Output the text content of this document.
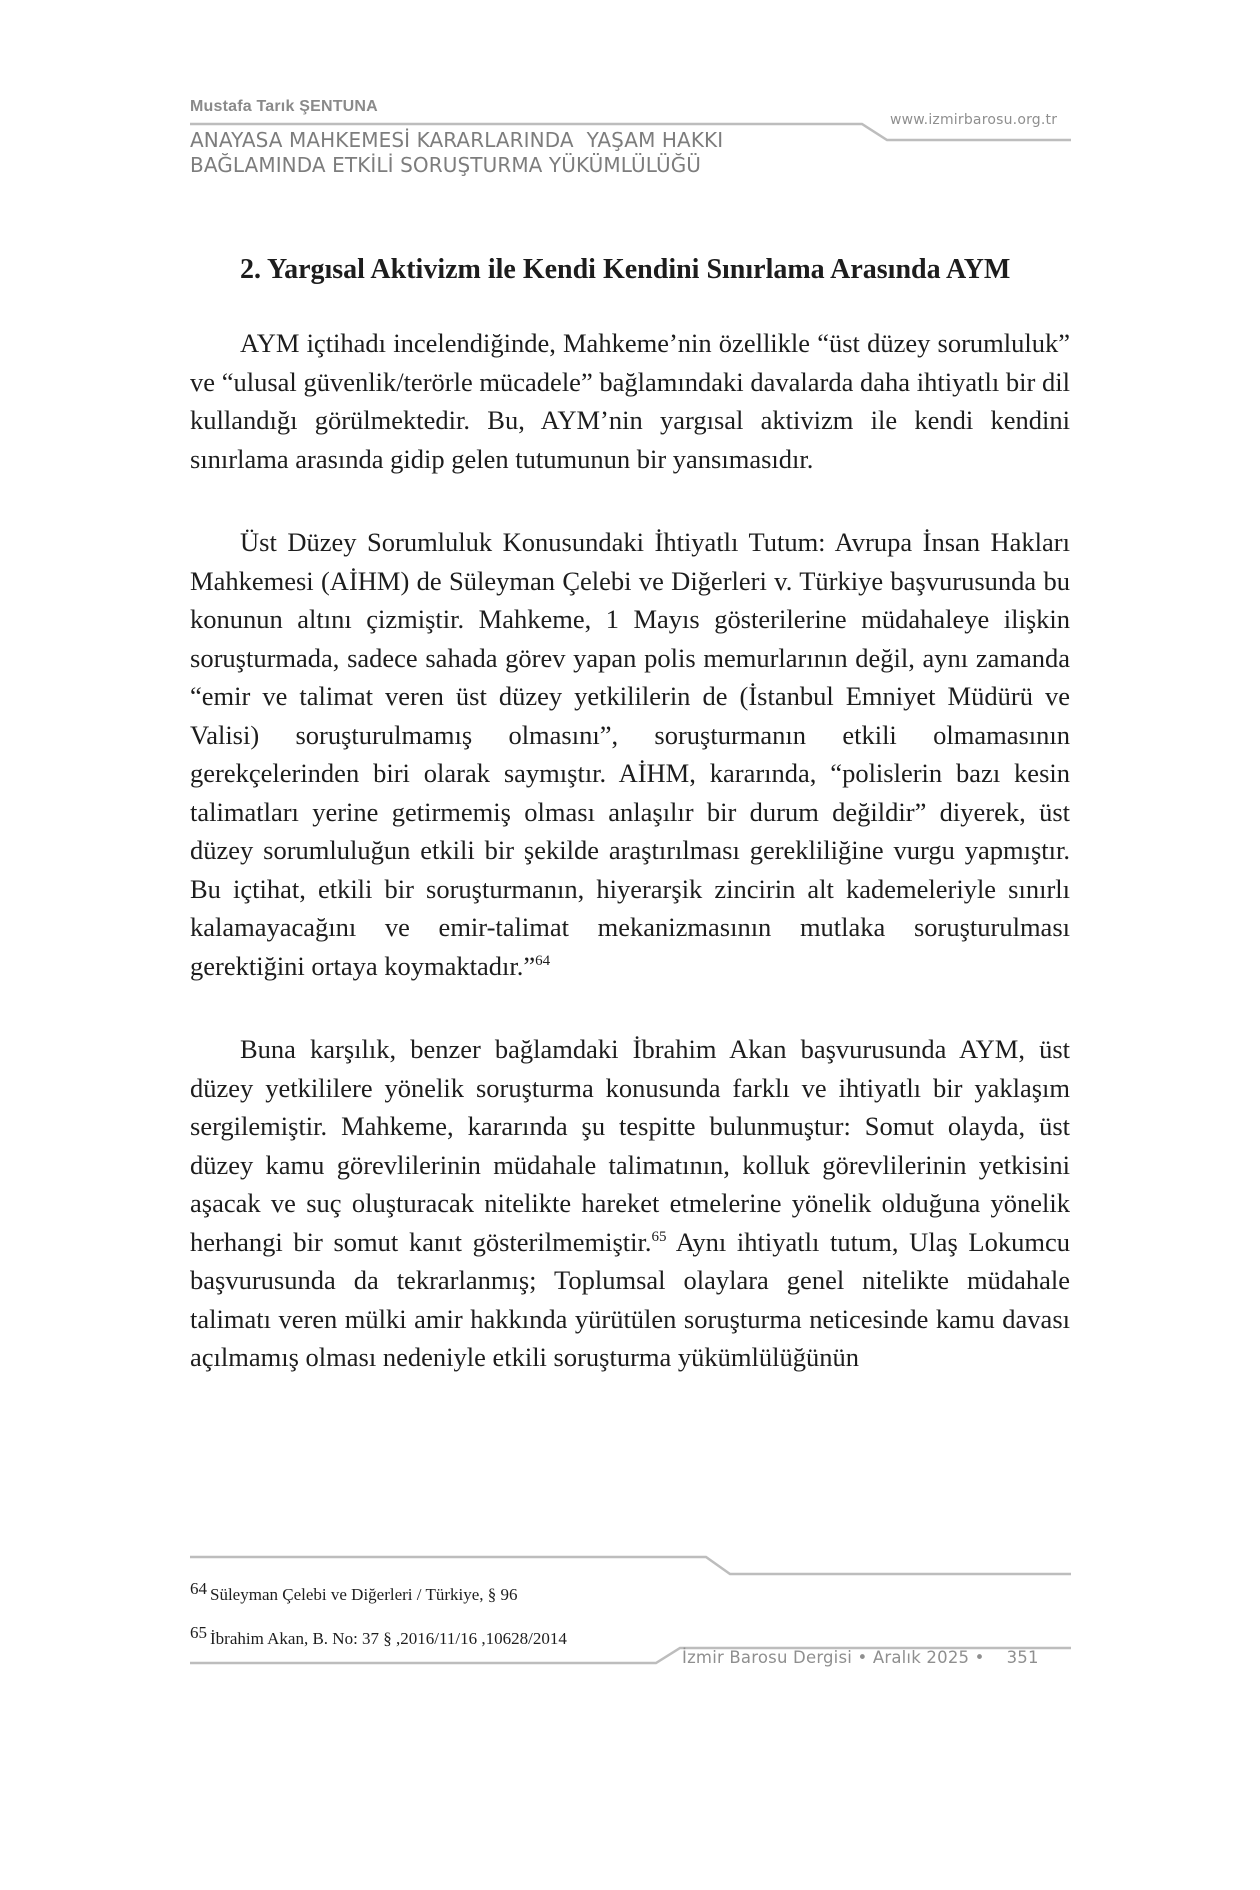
Mustafa Tarık ŞENTUNA
ANAYASA MAHKEMESİ KARARLARINDA  YAŞAM HAKKI
BAĞLAMINDA ETKİLİ SORUŞTURMA YÜKÜMLÜLÜĞÜ
www.izmirbarosu.org.tr
2. Yargısal Aktivizm ile Kendi Kendini Sınırlama Arasında AYM

AYM içtihadı incelendiğinde, Mahkeme’nin özellikle “üst düzey sorumluluk” ve “ulusal güvenlik/terörle mücadele” bağlamındaki davalarda daha ihtiyatlı bir dil kullandığı görülmektedir. Bu, AYM’nin yargısal aktivizm ile kendi kendini sınırlama arasında gidip gelen tutumunun bir yansımasıdır.

Üst Düzey Sorumluluk Konusundaki İhtiyatlı Tutum: Avrupa İnsan Hakları Mahkemesi (AİHM) de Süleyman Çelebi ve Diğerleri v. Türkiye başvurusunda bu konunun altını çizmiştir. Mahkeme, 1 Mayıs gösterilerine müdahaleye ilişkin soruşturmada, sadece sahada görev yapan polis memurlarının değil, aynı zamanda “emir ve talimat veren üst düzey yetkililerin de (İstanbul Emniyet Müdürü ve Valisi) soruşturulmamış olmasını”, soruşturmanın etkili olmamasının gerekçelerinden biri olarak saymıştır. AİHM, kararında, “polislerin bazı kesin talimatları yerine getirmemiş olması anlaşılır bir durum değildir” diyerek, üst düzey sorumluluğun etkili bir şekilde araştırılması gerekliliğine vurgu yapmıştır. Bu içtihat, etkili bir soruşturmanın, hiyerarşik zincirin alt kademeleriyle sınırlı kalamayacağını ve emir-talimat mekanizmasının mutlaka soruşturulması gerektiğini ortaya koymaktadır.”$^{64}$

Buna karşılık, benzer bağlamdaki İbrahim Akan başvurusunda AYM, üst düzey yetkililere yönelik soruşturma konusunda farklı ve ihtiyatlı bir yaklaşım sergilemiştir. Mahkeme, kararında şu tespitte bulunmuştur: Somut olayda, üst düzey kamu görevlilerinin müdahale talimatının, kolluk görevlilerinin yetkisini aşacak ve suç oluşturacak nitelikte hareket etmelerine yönelik olduğuna yönelik herhangi bir somut kanıt gösterilmemiştir.$^{65}$ Aynı ihtiyatlı tutum, Ulaş Lokumcu başvurusunda da tekrarlanmış; Toplumsal olaylara genel nitelikte müdahale talimatı veren mülki amir hakkında yürütülen soruşturma neticesinde kamu davası açılmamış olması nedeniyle etkili soruşturma yükümlülüğünün

64 Süleyman Çelebi ve Diğerleri / Türkiye, § 96
65 İbrahim Akan, B. No: 37 § ,2016/11/16 ,10628/2014
İzmir Barosu Dergisi • Aralık 2025 • 351
